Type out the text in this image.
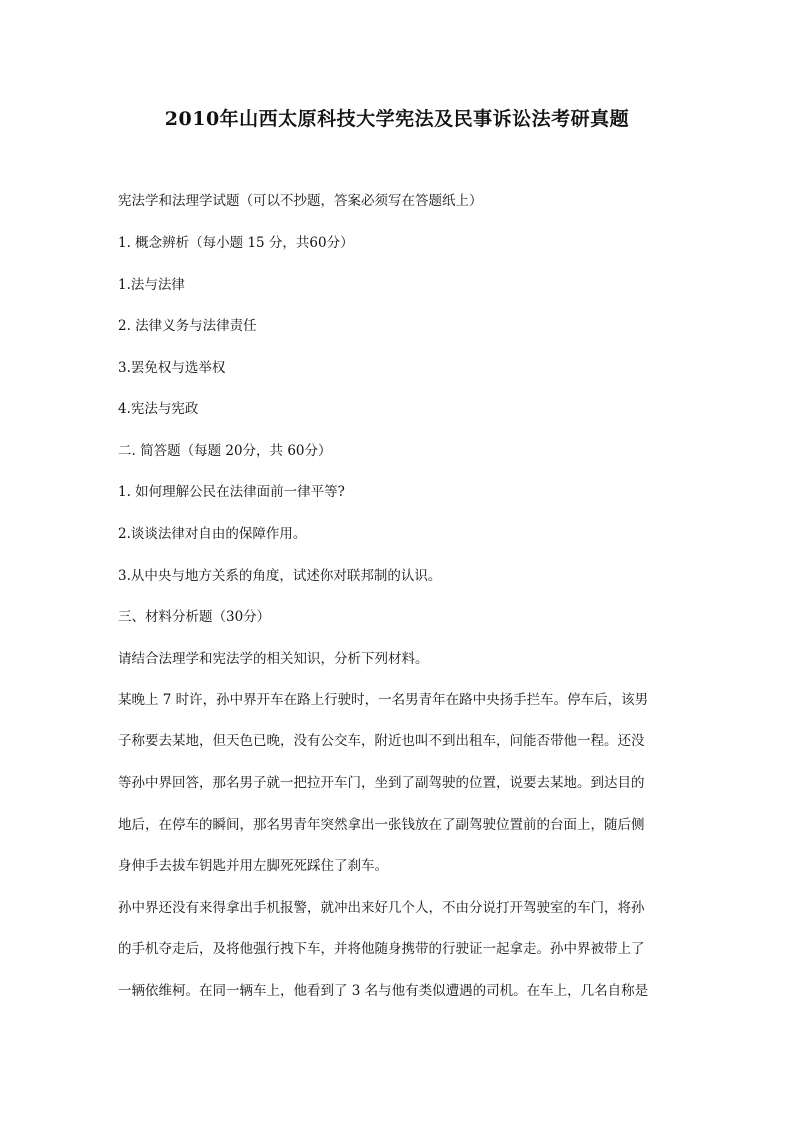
2010年山西太原科技大学宪法及民事诉讼法考研真题
宪法学和法理学试题（可以不抄题，答案必须写在答题纸上）
1. 概念辨析（每小题 15 分，共60分）
1.法与法律
2. 法律义务与法律责任
3.罢免权与选举权
4.宪法与宪政
二. 简答题（每题 20分，共 60分）
1. 如何理解公民在法律面前一律平等?
2.谈谈法律对自由的保障作用。
3.从中央与地方关系的角度，试述你对联邦制的认识。
三、材料分析题（30分）
请结合法理学和宪法学的相关知识，分析下列材料。
某晚上 7 时许，孙中界开车在路上行驶时，一名男青年在路中央扬手拦车。停车后，该男
子称要去某地，但天色已晚，没有公交车，附近也叫不到出租车，问能否带他一程。还没
等孙中界回答，那名男子就一把拉开车门，坐到了副驾驶的位置，说要去某地。到达目的
地后，在停车的瞬间，那名男青年突然拿出一张钱放在了副驾驶位置前的台面上，随后侧
身伸手去拔车钥匙并用左脚死死踩住了刹车。
孙中界还没有来得拿出手机报警，就冲出来好几个人，不由分说打开驾驶室的车门，将孙
的手机夺走后，及将他强行拽下车，并将他随身携带的行驶证一起拿走。孙中界被带上了
一辆依维柯。在同一辆车上，他看到了 3 名与他有类似遭遇的司机。在车上，几名自称是
